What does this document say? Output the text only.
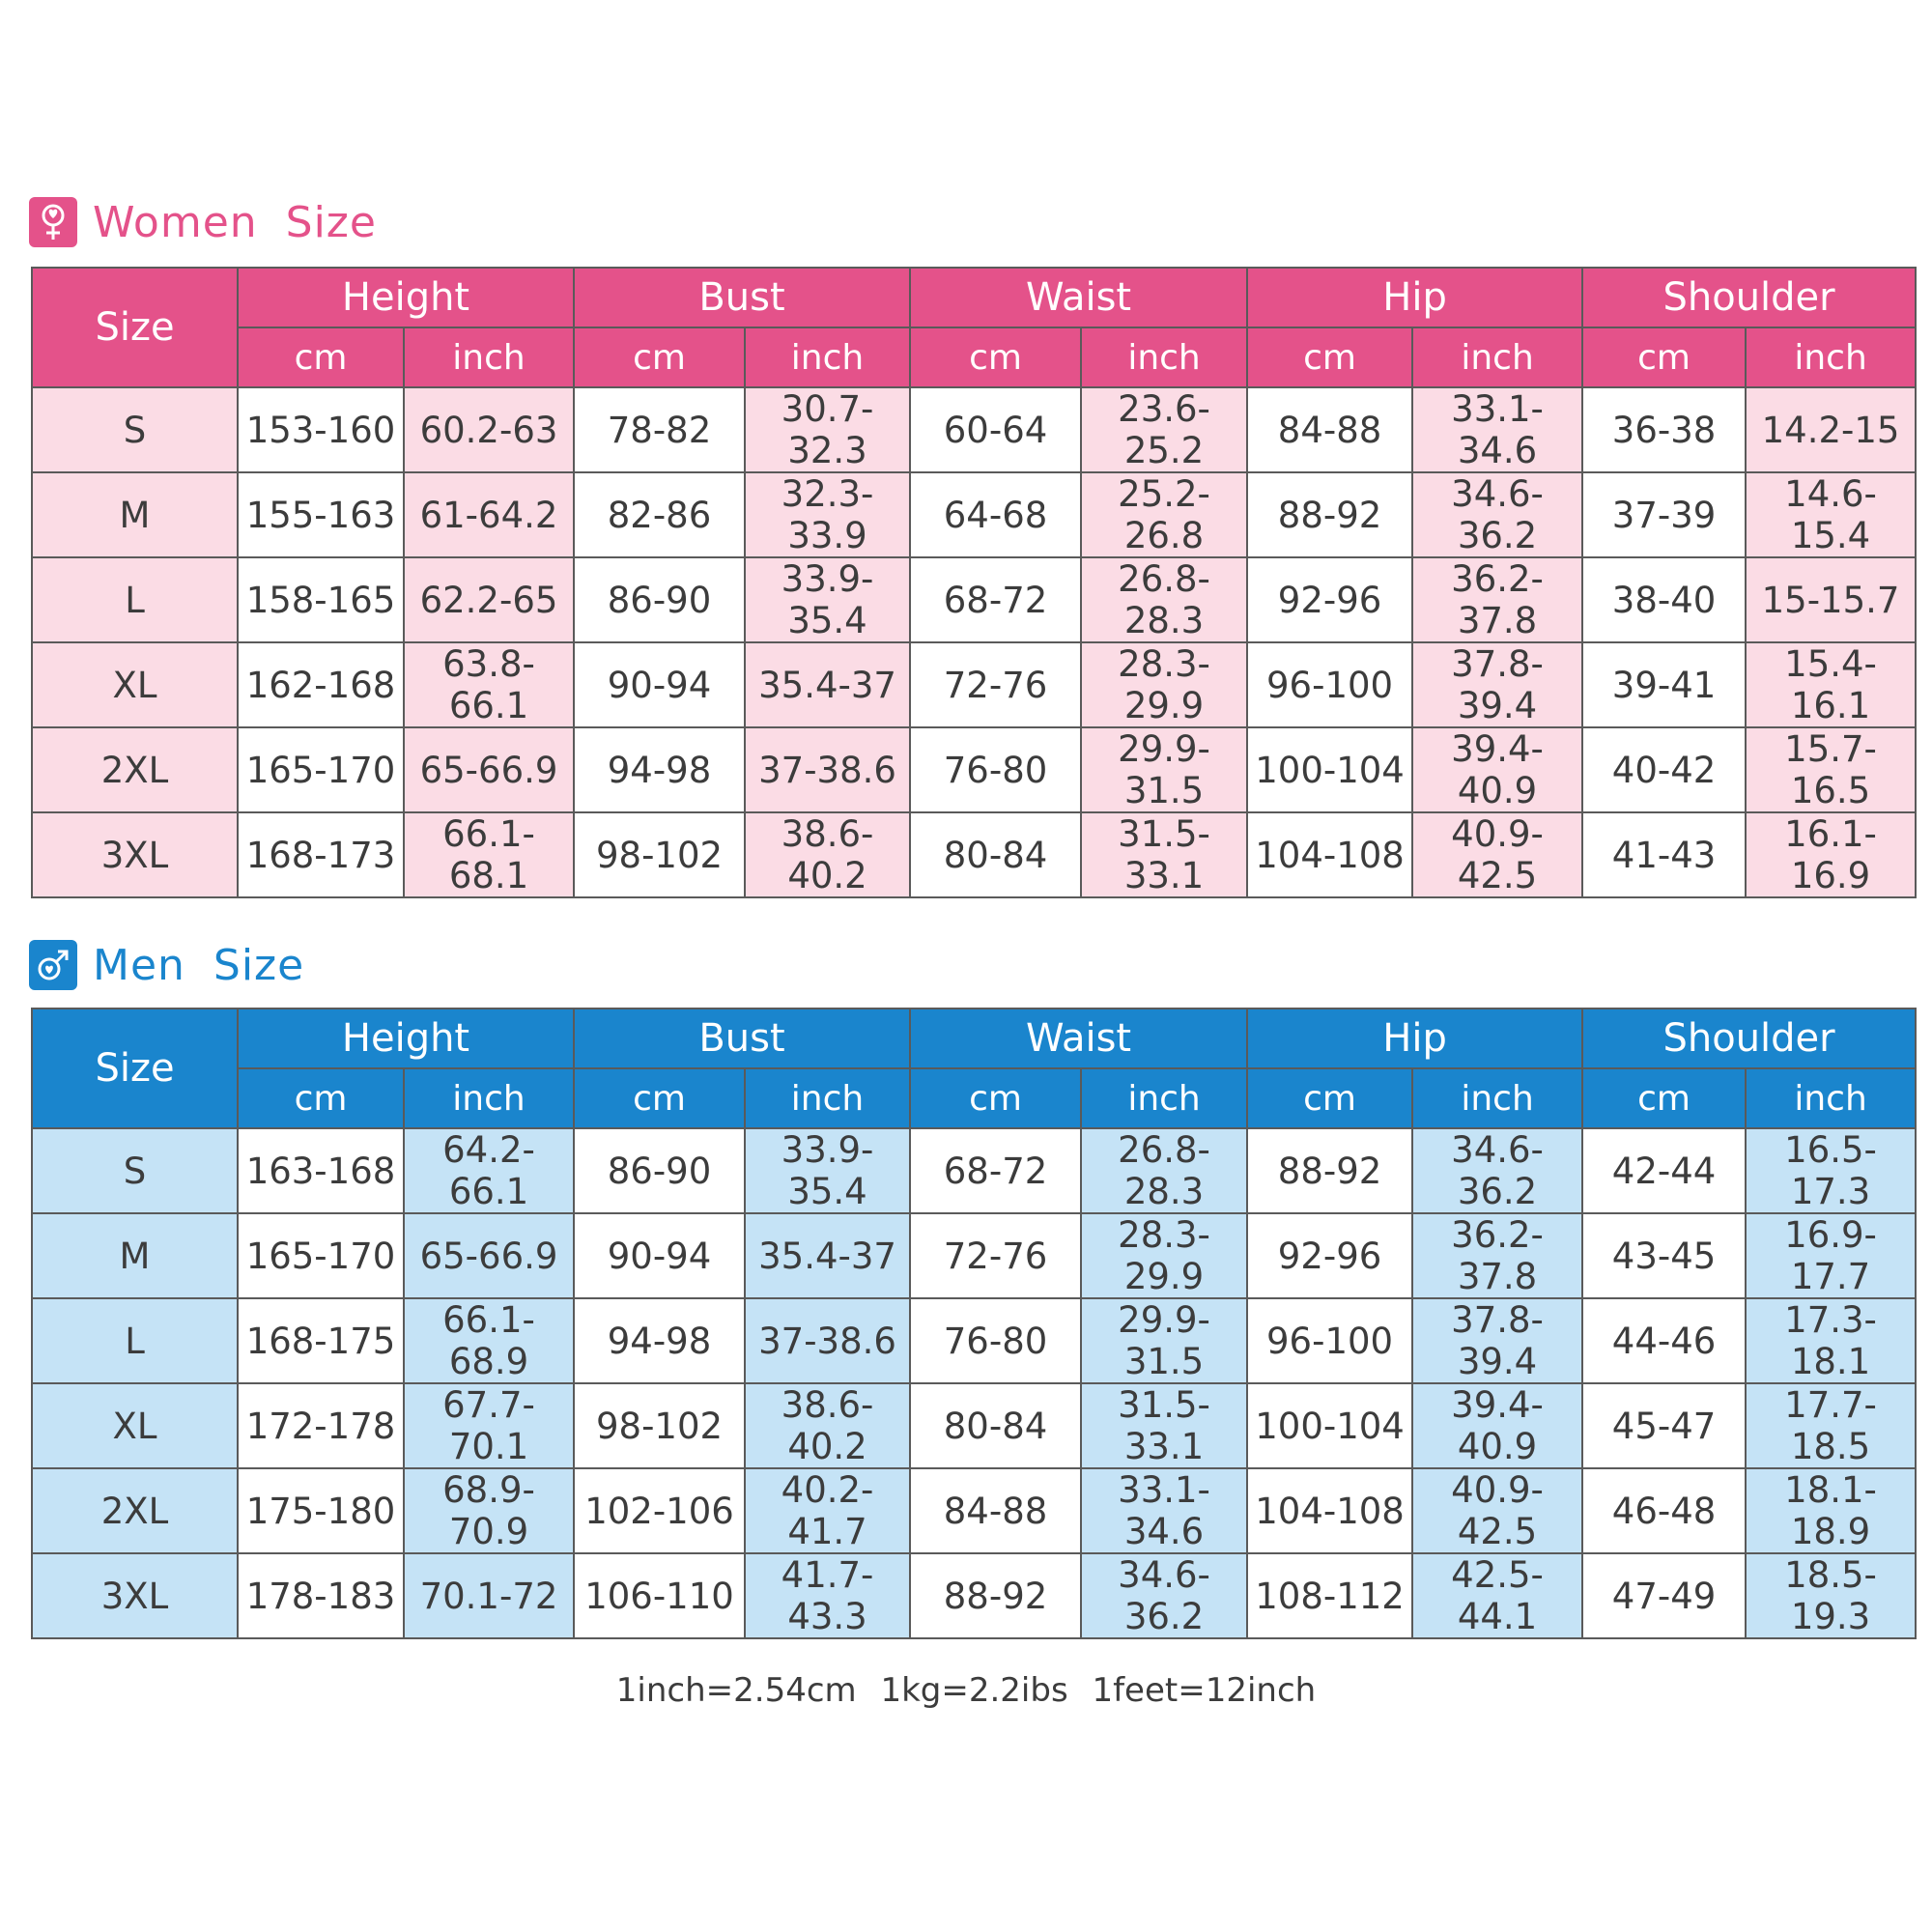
Women Size
Size	Height		Bust		Waist		Hip		Shoulder	
	cm	inch	cm	inch	cm	inch	cm	inch	cm	inch
S	153-160	60.2-63	78-82	30.7-32.3	60-64	23.6-25.2	84-88	33.1-34.6	36-38	14.2-15
M	155-163	61-64.2	82-86	32.3-33.9	64-68	25.2-26.8	88-92	34.6-36.2	37-39	14.6-15.4
L	158-165	62.2-65	86-90	33.9-35.4	68-72	26.8-28.3	92-96	36.2-37.8	38-40	15-15.7
XL	162-168	63.8-66.1	90-94	35.4-37	72-76	28.3-29.9	96-100	37.8-39.4	39-41	15.4-16.1
2XL	165-170	65-66.9	94-98	37-38.6	76-80	29.9-31.5	100-104	39.4-40.9	40-42	15.7-16.5
3XL	168-173	66.1-68.1	98-102	38.6-40.2	80-84	31.5-33.1	104-108	40.9-42.5	41-43	16.1-16.9
Men Size
Size	Height		Bust		Waist		Hip		Shoulder	
	cm	inch	cm	inch	cm	inch	cm	inch	cm	inch
S	163-168	64.2-66.1	86-90	33.9-35.4	68-72	26.8-28.3	88-92	34.6-36.2	42-44	16.5-17.3
M	165-170	65-66.9	90-94	35.4-37	72-76	28.3-29.9	92-96	36.2-37.8	43-45	16.9-17.7
L	168-175	66.1-68.9	94-98	37-38.6	76-80	29.9-31.5	96-100	37.8-39.4	44-46	17.3-18.1
XL	172-178	67.7-70.1	98-102	38.6-40.2	80-84	31.5-33.1	100-104	39.4-40.9	45-47	17.7-18.5
2XL	175-180	68.9-70.9	102-106	40.2-41.7	84-88	33.1-34.6	104-108	40.9-42.5	46-48	18.1-18.9
3XL	178-183	70.1-72	106-110	41.7-43.3	88-92	34.6-36.2	108-112	42.5-44.1	47-49	18.5-19.3
1inch=2.54cm 1kg=2.2ibs 1feet=12inch
